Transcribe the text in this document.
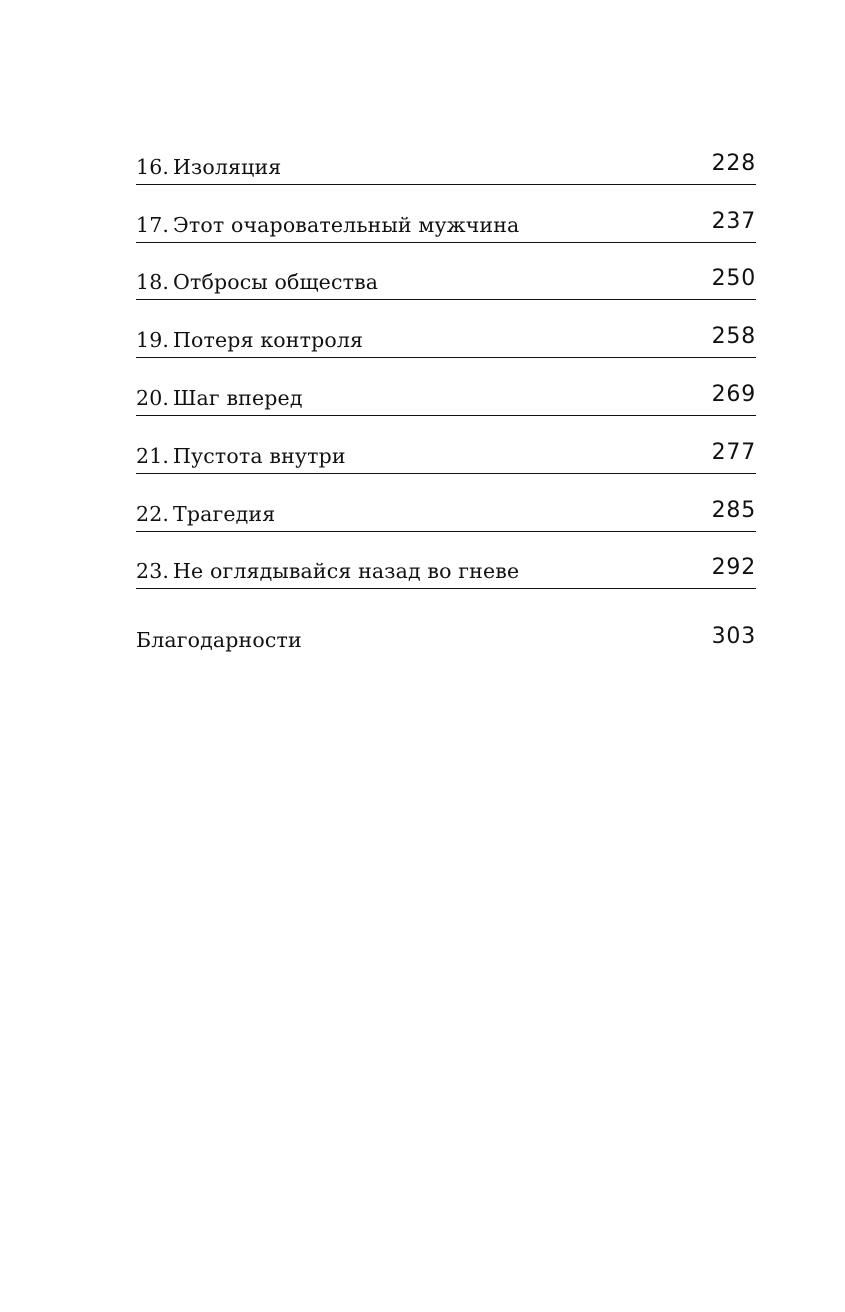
16. Изоляция	228
17. Этот очаровательный мужчина	237
18. Отбросы общества	250
19. Потеря контроля	258
20. Шаг вперед	269
21. Пустота внутри	277
22. Трагедия	285
23. Не оглядывайся назад во гневе	292
Благодарности	303
